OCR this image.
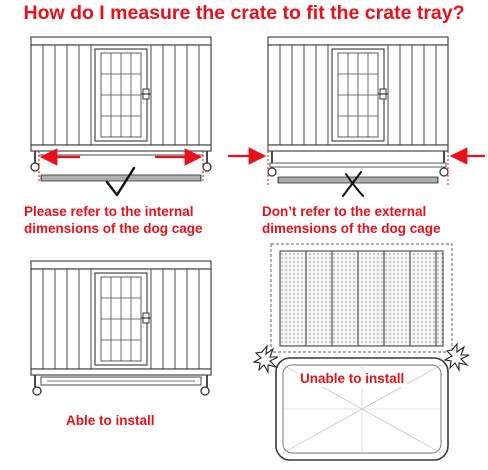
How do I measure the crate to fit the crate tray?
Please refer to the internal
dimensions of the dog cage
Don’t refer to the external
dimensions of the dog cage
Able to install
Unable to install
